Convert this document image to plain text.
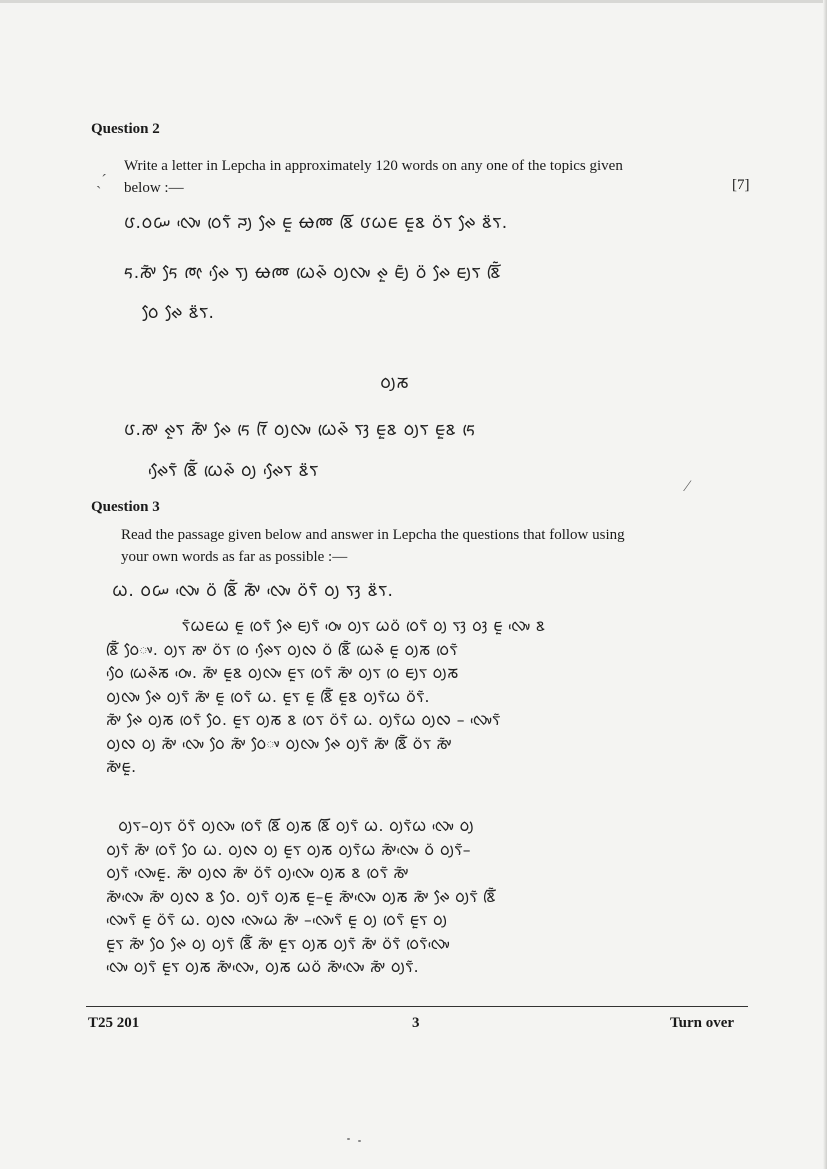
Question 2
Write a letter in Lepcha in approximately 120 words on any one of the topics given
below :—	[7]
ˎ´
ᰂ.ᰓᰠ ᰜᰤᰵ ᰓᰨᰛᰶ ᰎᰪ ᰊᰧ ᰀᰬ ᰄᰢ ᰣᰩ ᰂᰃᰀ ᰀᰬᰣ ᰓᰮᰛ ᰊᰧ ᰣᰮᰛ.
ᰁ.ᰕᰤᰶ ᰁᰧ ᰈᰦ ᰊᰧᰵ ᰛᰪ ᰄᰢ ᰃᰨᰊᰶ ᰓᰪᰜᰤ ᰊᰬ ᰀᰪᰶ ᰓᰮ ᰊᰧ ᰀᰪᰛ ᰣᰩᰶ
ᰓᰧ ᰊᰧ ᰣᰮᰛ.
ᰓᰪᰕ
ᰂ.ᰕᰤ ᰊᰬᰛ ᰕᰤᰶ ᰊᰧ ᰁᰨ ᰅᰩ ᰓᰪᰜᰤ ᰃᰨᰊᰶ ᰛᰫ ᰀᰬᰣ ᰓᰪᰛ ᰀᰬᰣ ᰁᰨ
ᰊᰧᰵᰛᰶ ᰣᰩᰶ ᰃᰨᰊᰶ ᰓᰪ ᰊᰧᰵᰛ ᰣᰮᰛ
⁄
Question 3
Read the passage given below and answer in Lepcha the questions that follow using
your own words as far as possible :—
ᰃ. ᰓᰠ ᰜᰤᰵ ᰓᰮ ᰣᰩᰶ ᰕᰤᰶ ᰜᰤᰵ ᰓᰮᰛᰶ ᰓᰪ ᰛᰫ ᰣᰮᰛ.
ᰛᰶᰃᰀᰃ ᰀᰬ ᰓᰨᰛᰶ ᰊᰧ ᰀᰪᰛᰶ ᰓᰤᰵ ᰓᰪᰛ ᰃᰓᰮ ᰓᰨᰛᰶ ᰓᰪ ᰛᰫ ᰓᰫ ᰀᰬ ᰜᰤᰵ ᰣ
ᰣᰩᰶ ᰓᰧᰤ. ᰓᰪᰛ ᰕᰤ ᰓᰮᰛ ᰓᰨ ᰊᰧᰵᰛ ᰓᰪᰜ ᰓᰮ ᰣᰩᰶ ᰃᰨᰊᰶ ᰀᰬ ᰓᰪᰕ ᰓᰨᰛᰶ
ᰓᰧᰵ ᰃᰨᰊᰶᰕ ᰓᰤᰵ. ᰕᰤᰶ ᰀᰬᰣ ᰓᰪᰜᰤ ᰀᰬᰛ ᰓᰨᰛᰶ ᰕᰤᰶ ᰓᰪᰛ ᰓᰨ ᰀᰪᰛ ᰓᰪᰕ
ᰓᰪᰜᰤ ᰊᰧ ᰓᰪᰛᰶ ᰕᰤᰶ ᰀᰬ ᰓᰨᰛᰶ ᰃ. ᰀᰬᰛ ᰀᰬ ᰣᰩᰶ ᰀᰬᰣ ᰓᰪᰛᰶᰃ ᰓᰮᰛᰶ.
ᰕᰤᰶ ᰊᰧ ᰓᰪᰕ ᰓᰨᰛᰶ ᰓᰧ. ᰀᰬᰛ ᰓᰪᰕ ᰣ ᰓᰨᰛ ᰓᰮᰛᰶ ᰃ. ᰓᰪᰛᰶᰃ ᰓᰪᰜ – ᰜᰤᰵᰛᰶ
ᰓᰪᰜ ᰓᰪ ᰕᰤᰶ ᰜᰤᰵ ᰓᰧ ᰕᰤᰶ ᰓᰧᰤ ᰓᰪᰜᰤ ᰊᰧ ᰓᰪᰛᰶ ᰕᰤᰶ ᰣᰩᰶ ᰓᰮᰛ ᰕᰤᰶ
ᰕᰤᰶᰀᰬ.
ᰓᰪᰛ–ᰓᰪᰛ ᰓᰮᰛᰶ ᰓᰪᰜᰤ ᰓᰨᰛᰶ ᰣᰩ ᰓᰪᰕ ᰣᰩ ᰓᰪᰛᰶ ᰃ. ᰓᰪᰛᰶᰃ ᰜᰤᰵ ᰓᰪ
ᰓᰪᰛᰶ ᰕᰤᰶ ᰓᰨᰛᰶ ᰓᰧ ᰃ. ᰓᰪᰜ ᰓᰪ ᰀᰬᰛ ᰓᰪᰕ ᰓᰪᰛᰶᰃ ᰕᰤᰶᰜᰤᰵ ᰓᰮ ᰓᰪᰛᰶ–
ᰓᰪᰛᰶ ᰜᰤᰵᰀᰬ. ᰕᰤᰶ ᰓᰪᰜ ᰕᰤᰶ ᰓᰮᰛᰶ ᰓᰪᰜᰤᰵ ᰓᰪᰕ ᰣ ᰓᰨᰛᰶ ᰕᰤᰶ
ᰕᰤᰶᰜᰤᰵ ᰕᰤᰶ ᰓᰪᰜ ᰣ ᰓᰧ. ᰓᰪᰛᰶ ᰓᰪᰕ ᰀᰬ–ᰀᰬ ᰕᰤᰶᰜᰤᰵ ᰓᰪᰕ ᰕᰤᰶ ᰊᰧ ᰓᰪᰛᰶ ᰣᰩᰶ
ᰜᰤᰵᰛᰶ ᰀᰬ ᰓᰮᰛᰶ ᰃ. ᰓᰪᰜ ᰜᰤᰵᰃ ᰕᰤᰶ –ᰜᰤᰵᰛᰶ ᰀᰬ ᰓᰪ ᰓᰨᰛᰶ ᰀᰬᰛ ᰓᰪ
ᰀᰬᰛ ᰕᰤᰶ ᰓᰧ ᰊᰧ ᰓᰪ ᰓᰪᰛᰶ ᰣᰩᰶ ᰕᰤᰶ ᰀᰬᰛ ᰓᰪᰕ ᰓᰪᰛᰶ ᰕᰤᰶ ᰓᰮᰛᰶ ᰓᰨᰛᰶᰜᰤᰵ
ᰜᰤᰵ ᰓᰪᰛᰶ ᰀᰬᰛ ᰓᰪᰕ ᰕᰤᰶᰜᰤᰵ, ᰓᰪᰕ ᰃᰓᰮ ᰕᰤᰶᰜᰤᰵ ᰕᰤᰶ ᰓᰪᰛᰶ.
T25 201	3	Turn over
